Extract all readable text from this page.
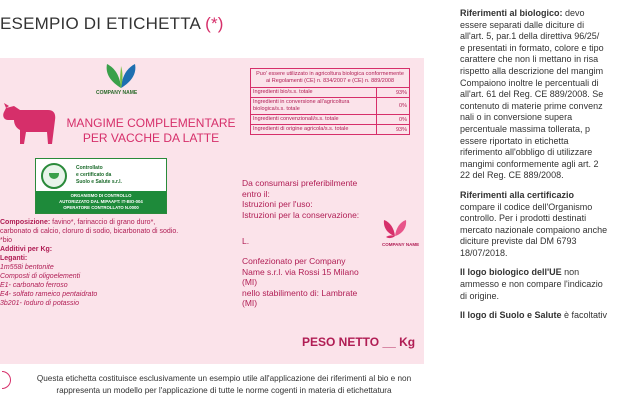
ESEMPIO DI ETICHETTA (*)
COMPANY NAME
MANGIME COMPLEMENTARE
PER VACCHE DA LATTE
Controllato
e certificato da
Suolo e Salute s.r.l.
ORGANISMO DI CONTROLLO
AUTORIZZATO DAL MIPAAFT: IT-BIO-004
OPERATORE CONTROLLATO N.0000
Composizione: favino*, farinaccio di grano duro*,
carbonato di calcio, cloruro di sodio, bicarbonato di sodio.
*bio
Additivi per Kg:
Leganti:
1m558i bentonite
Composti di oligoelementi
E1- carbonato ferroso
E4- solfato rameico pentaidrato
3b201- Ioduro di potassio
Puo' essere utilizzato in agricoltura biologica conformemente ai Regolamenti (CE) n. 834/2007 e (CE) n. 889/2008
Ingredienti bio/s.s. totale	93%
Ingredienti in conversione all'agricoltura biologica/s.s. totale	0%
Ingredienti convenzionali/s.s. totale	0%
Ingredienti di origine agricola/s.s. totale	93%
Da consumarsi preferibilmente
entro il:
Istruzioni per l'uso:
Istruzioni per la conservazione:
L.	COMPANY NAME
Confezionato per Company
Name s.r.l. via Rossi 15 Milano
(MI)
nello stabilimento di: Lambrate
(MI)
PESO NETTO __ Kg
Questa etichetta costituisce esclusivamente un esempio utile all'applicazione dei riferimenti al bio e non
rappresenta un modello per l'applicazione di tutte le norme cogenti in materia di etichettatura

Riferimenti al biologico: devo
essere separati dalle diciture di
all'art. 5, par.1 della direttiva 96/25/
e presentati in formato, colore e tipo
carattere che non li mettano in risa
rispetto alla descrizione del mangim
Compaiono inoltre le percentuali di
all'art. 61 del Reg. CE 889/2008. Se
contenuto di materie prime convenz
nali o in conversione supera
percentuale massima tollerata, p
essere riportato in etichetta
riferimento all'obbligo di utilizzare
mangimi conformemente agli art. 2
22 del Reg. CE 889/2008.

Riferimenti alla certificazio
compare il codice dell'Organismo
controllo. Per i prodotti destinati
mercato nazionale compaiono anche
diciture previste dal DM 6793
18/07/2018.

Il logo biologico dell'UE non
ammesso e non compare l'indicazio
di origine.

Il logo di Suolo e Salute è facoltativ
